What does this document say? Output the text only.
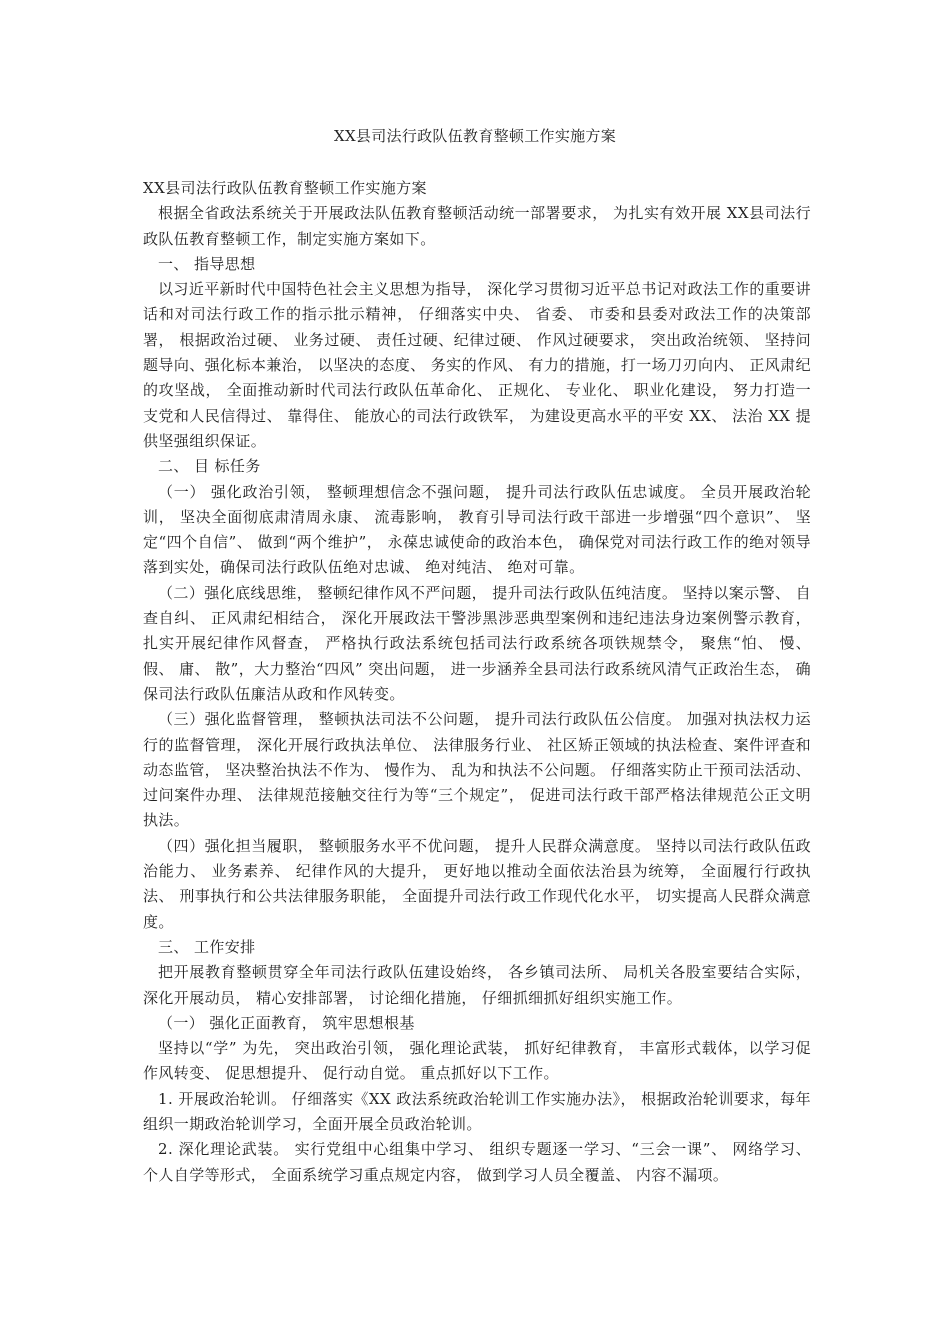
XX县司法行政队伍教育整顿工作实施方案

XX县司法行政队伍教育整顿工作实施方案

根据全省政法系统关于开展政法队伍教育整顿活动统一部署要求， 为扎实有效开展 XX县司法行政队伍教育整顿工作，制定实施方案如下。

一、 指导思想

以习近平新时代中国特色社会主义思想为指导， 深化学习贯彻习近平总书记对政法工作的重要讲话和对司法行政工作的指示批示精神， 仔细落实中央、 省委、 市委和县委对政法工作的决策部署， 根据政治过硬、 业务过硬、 责任过硬、纪律过硬、 作风过硬要求， 突出政治统领、 坚持问题导向、强化标本兼治， 以坚决的态度、 务实的作风、 有力的措施，打一场刀刃向内、 正风肃纪的攻坚战， 全面推动新时代司法行政队伍革命化、 正规化、 专业化、 职业化建设， 努力打造一支党和人民信得过、 靠得住、 能放心的司法行政铁军， 为建设更高水平的平安 XX、 法治 XX 提供坚强组织保证。

二、 目 标任务

（一） 强化政治引领， 整顿理想信念不强问题， 提升司法行政队伍忠诚度。 全员开展政治轮训， 坚决全面彻底肃清周永康、 流毒影响， 教育引导司法行政干部进一步增强“四个意识”、 坚定“四个自信”、 做到“两个维护”， 永葆忠诚使命的政治本色， 确保党对司法行政工作的绝对领导落到实处，确保司法行政队伍绝对忠诚、 绝对纯洁、 绝对可靠。

（二）强化底线思维， 整顿纪律作风不严问题， 提升司法行政队伍纯洁度。 坚持以案示警、 自查自纠、 正风肃纪相结合， 深化开展政法干警涉黑涉恶典型案例和违纪违法身边案例警示教育， 扎实开展纪律作风督查， 严格执行政法系统包括司法行政系统各项铁规禁令， 聚焦“怕、 慢、 假、 庸、 散”，大力整治“四风” 突出问题， 进一步涵养全县司法行政系统风清气正政治生态， 确保司法行政队伍廉洁从政和作风转变。

（三）强化监督管理， 整顿执法司法不公问题， 提升司法行政队伍公信度。 加强对执法权力运行的监督管理， 深化开展行政执法单位、 法律服务行业、 社区矫正领域的执法检查、案件评查和动态监管， 坚决整治执法不作为、 慢作为、 乱为和执法不公问题。 仔细落实防止干预司法活动、 过问案件办理、 法律规范接触交往行为等“三个规定”， 促进司法行政干部严格法律规范公正文明执法。

（四）强化担当履职， 整顿服务水平不优问题， 提升人民群众满意度。 坚持以司法行政队伍政治能力、 业务素养、 纪律作风的大提升， 更好地以推动全面依法治县为统筹， 全面履行行政执法、 刑事执行和公共法律服务职能， 全面提升司法行政工作现代化水平， 切实提高人民群众满意度。

三、 工作安排

把开展教育整顿贯穿全年司法行政队伍建设始终， 各乡镇司法所、 局机关各股室要结合实际， 深化开展动员， 精心安排部署， 讨论细化措施， 仔细抓细抓好组织实施工作。

（一） 强化正面教育， 筑牢思想根基

坚持以“学” 为先， 突出政治引领， 强化理论武装， 抓好纪律教育， 丰富形式载体，以学习促作风转变、 促思想提升、 促行动自觉。 重点抓好以下工作。

1. 开展政治轮训。 仔细落实《XX 政法系统政治轮训工作实施办法》， 根据政治轮训要求，每年组织一期政治轮训学习，全面开展全员政治轮训。

2. 深化理论武装。 实行党组中心组集中学习、 组织专题逐一学习、“三会一课”、 网络学习、 个人自学等形式， 全面系统学习重点规定内容， 做到学习人员全覆盖、 内容不漏项。
